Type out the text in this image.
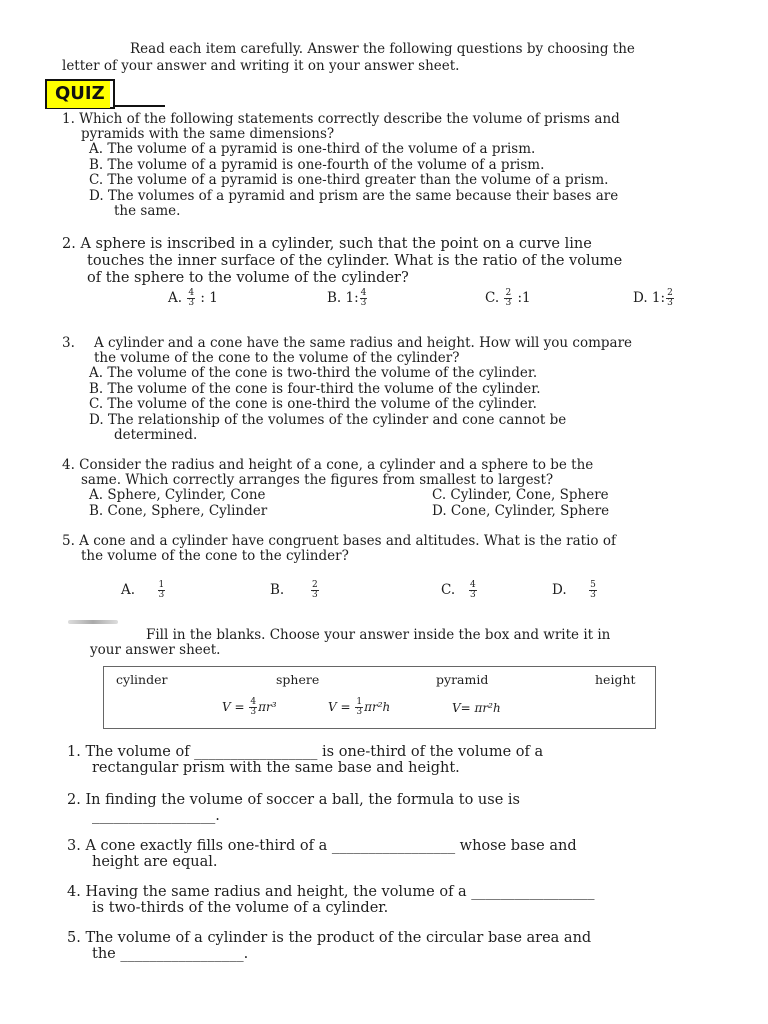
Read each item carefully. Answer the following questions by choosing the
letter of your answer and writing it on your answer sheet.
QUIZ
1. Which of the following statements correctly describe the volume of prisms and
pyramids with the same dimensions?
A. The volume of a pyramid is one-third of the volume of a prism.
B. The volume of a pyramid is one-fourth of the volume of a prism.
C. The volume of a pyramid is one-third greater than the volume of a prism.
D. The volumes of a pyramid and prism are the same because their bases are
the same.
2. A sphere is inscribed in a cylinder, such that the point on a curve line
touches the inner surface of the cylinder. What is the ratio of the volume
of the sphere to the volume of the cylinder?
A. $\frac{4}{3}$ : 1	B. 1: $\frac{4}{3}$	C. $\frac{2}{3}$ :1	D. 1: $\frac{2}{3}$
3. A cylinder and a cone have the same radius and height. How will you compare
the volume of the cone to the volume of the cylinder?
A. The volume of the cone is two-third the volume of the cylinder.
B. The volume of the cone is four-third the volume of the cylinder.
C. The volume of the cone is one-third the volume of the cylinder.
D. The relationship of the volumes of the cylinder and cone cannot be
determined.
4. Consider the radius and height of a cone, a cylinder and a sphere to be the
same. Which correctly arranges the figures from smallest to largest?
A. Sphere, Cylinder, Cone
B. Cone, Sphere, Cylinder
C. Cylinder, Cone, Sphere
D. Cone, Cylinder, Sphere
5. A cone and a cylinder have congruent bases and altitudes. What is the ratio of
the volume of the cone to the cylinder?
A. $\frac{1}{3}$	B.	$\frac{2}{3}$	C. $\frac{4}{3}$	D. $\frac{5}{3}$
Fill in the blanks. Choose your answer inside the box and write it in
your answer sheet.
cylinder	sphere	pyramid	height
$V = \frac{4}{3} \pi r^3$	$V = \frac{1}{3} \pi r^2h$	V= πr²h
1. The volume of _________________ is one-third of the volume of a
rectangular prism with the same base and height.
2. In finding the volume of soccer a ball, the formula to use is
_________________.
3. A cone exactly fills one-third of a _________________ whose base and
height are equal.
4. Having the same radius and height, the volume of a _________________
is two-thirds of the volume of a cylinder.
5. The volume of a cylinder is the product of the circular base area and
the _________________.
